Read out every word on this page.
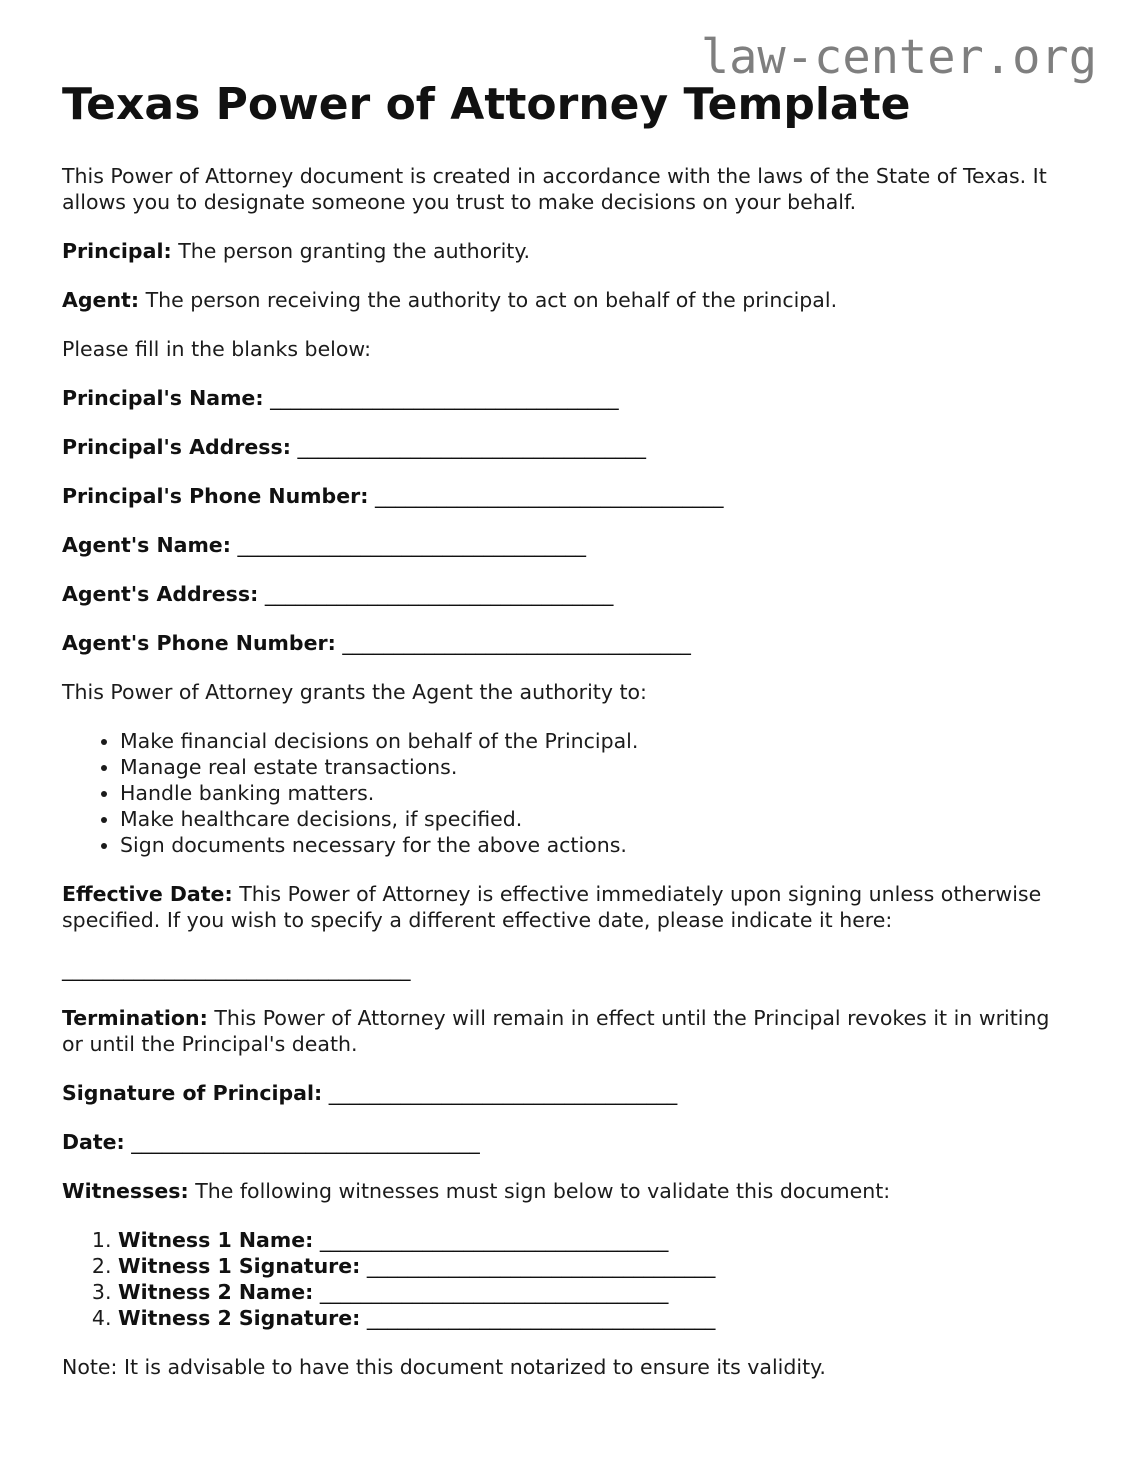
law-center.org
Texas Power of Attorney Template

This Power of Attorney document is created in accordance with the laws of the State of Texas. It allows you to designate someone you trust to make decisions on your behalf.

Principal: The person granting the authority.

Agent: The person receiving the authority to act on behalf of the principal.

Please fill in the blanks below:

Principal's Name: __________________________________

Principal's Address: __________________________________

Principal's Phone Number: __________________________________

Agent's Name: __________________________________

Agent's Address: __________________________________

Agent's Phone Number: __________________________________

This Power of Attorney grants the Agent the authority to:

• Make financial decisions on behalf of the Principal.
• Manage real estate transactions.
• Handle banking matters.
• Make healthcare decisions, if specified.
• Sign documents necessary for the above actions.

Effective Date: This Power of Attorney is effective immediately upon signing unless otherwise specified. If you wish to specify a different effective date, please indicate it here:

__________________________________

Termination: This Power of Attorney will remain in effect until the Principal revokes it in writing or until the Principal's death.

Signature of Principal: __________________________________

Date: __________________________________

Witnesses: The following witnesses must sign below to validate this document:

1. Witness 1 Name: __________________________________
2. Witness 1 Signature: __________________________________
3. Witness 2 Name: __________________________________
4. Witness 2 Signature: __________________________________

Note: It is advisable to have this document notarized to ensure its validity.
